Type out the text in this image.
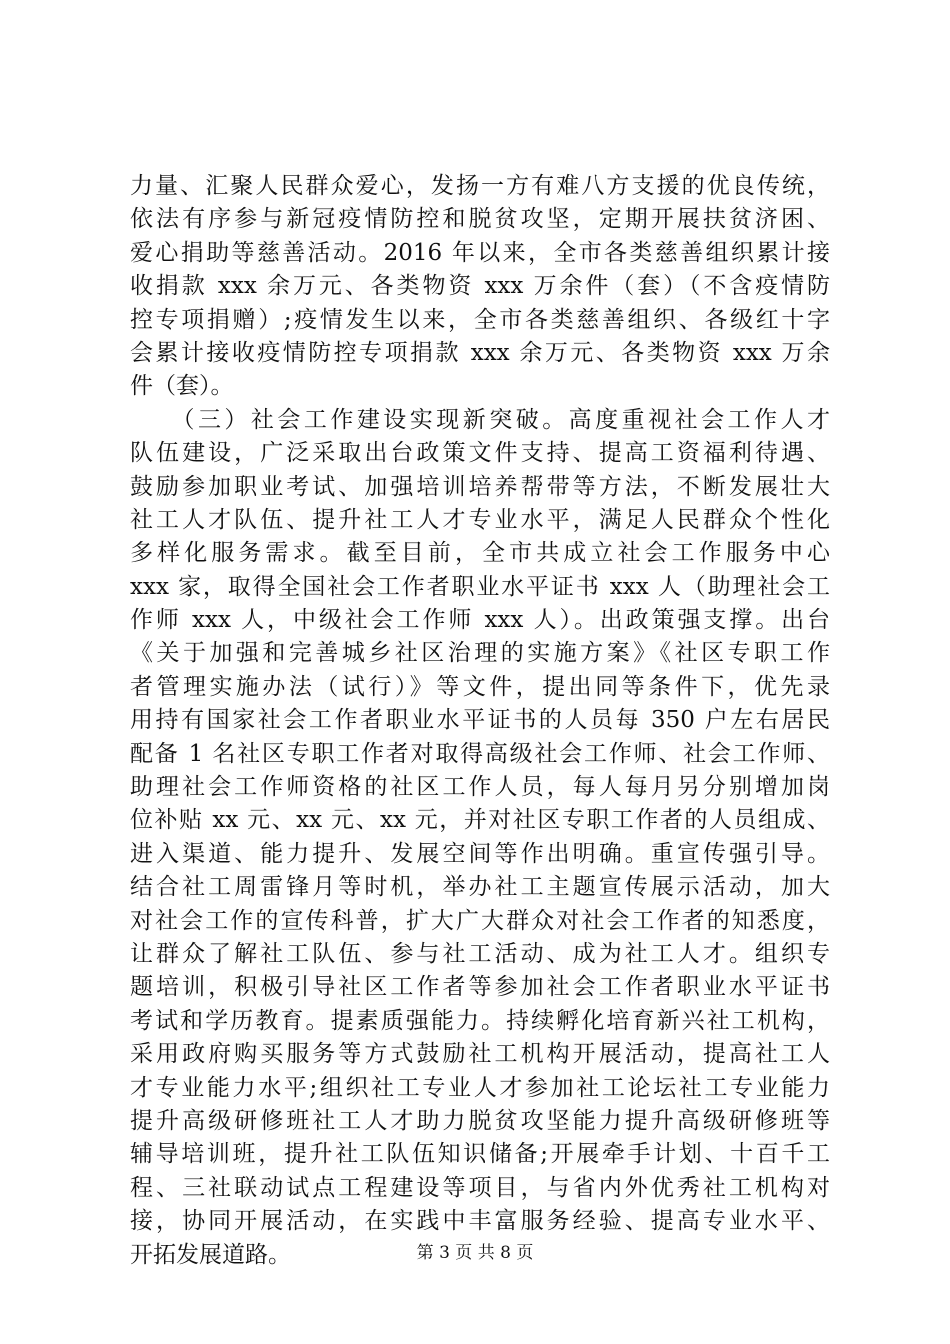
力量、汇聚人民群众爱心，发扬一方有难八方支援的优良传统，
依法有序参与新冠疫情防控和脱贫攻坚，定期开展扶贫济困、
爱心捐助等慈善活动。2016 年以来，全市各类慈善组织累计接
收捐款 xxx 余万元、各类物资 xxx 万余件（套）（不含疫情防
控专项捐赠）;疫情发生以来，全市各类慈善组织、各级红十字
会累计接收疫情防控专项捐款 xxx 余万元、各类物资 xxx 万余
件（套）。
　　（三）社会工作建设实现新突破。高度重视社会工作人才
队伍建设，广泛采取出台政策文件支持、提高工资福利待遇、
鼓励参加职业考试、加强培训培养帮带等方法，不断发展壮大
社工人才队伍、提升社工人才专业水平，满足人民群众个性化
多样化服务需求。截至目前，全市共成立社会工作服务中心
xxx 家，取得全国社会工作者职业水平证书 xxx 人（助理社会工
作师 xxx 人，中级社会工作师 xxx 人）。出政策强支撑。出台
《关于加强和完善城乡社区治理的实施方案》《社区专职工作
者管理实施办法（试行）》等文件，提出同等条件下，优先录
用持有国家社会工作者职业水平证书的人员每 350 户左右居民
配备 1 名社区专职工作者对取得高级社会工作师、社会工作师、
助理社会工作师资格的社区工作人员，每人每月另分别增加岗
位补贴 xx 元、xx 元、xx 元，并对社区专职工作者的人员组成、
进入渠道、能力提升、发展空间等作出明确。重宣传强引导。
结合社工周雷锋月等时机，举办社工主题宣传展示活动，加大
对社会工作的宣传科普，扩大广大群众对社会工作者的知悉度，
让群众了解社工队伍、参与社工活动、成为社工人才。组织专
题培训，积极引导社区工作者等参加社会工作者职业水平证书
考试和学历教育。提素质强能力。持续孵化培育新兴社工机构，
采用政府购买服务等方式鼓励社工机构开展活动，提高社工人
才专业能力水平;组织社工专业人才参加社工论坛社工专业能力
提升高级研修班社工人才助力脱贫攻坚能力提升高级研修班等
辅导培训班，提升社工队伍知识储备;开展牵手计划、十百千工
程、三社联动试点工程建设等项目，与省内外优秀社工机构对
接，协同开展活动，在实践中丰富服务经验、提高专业水平、
开拓发展道路。	第 3 页 共 8 页
